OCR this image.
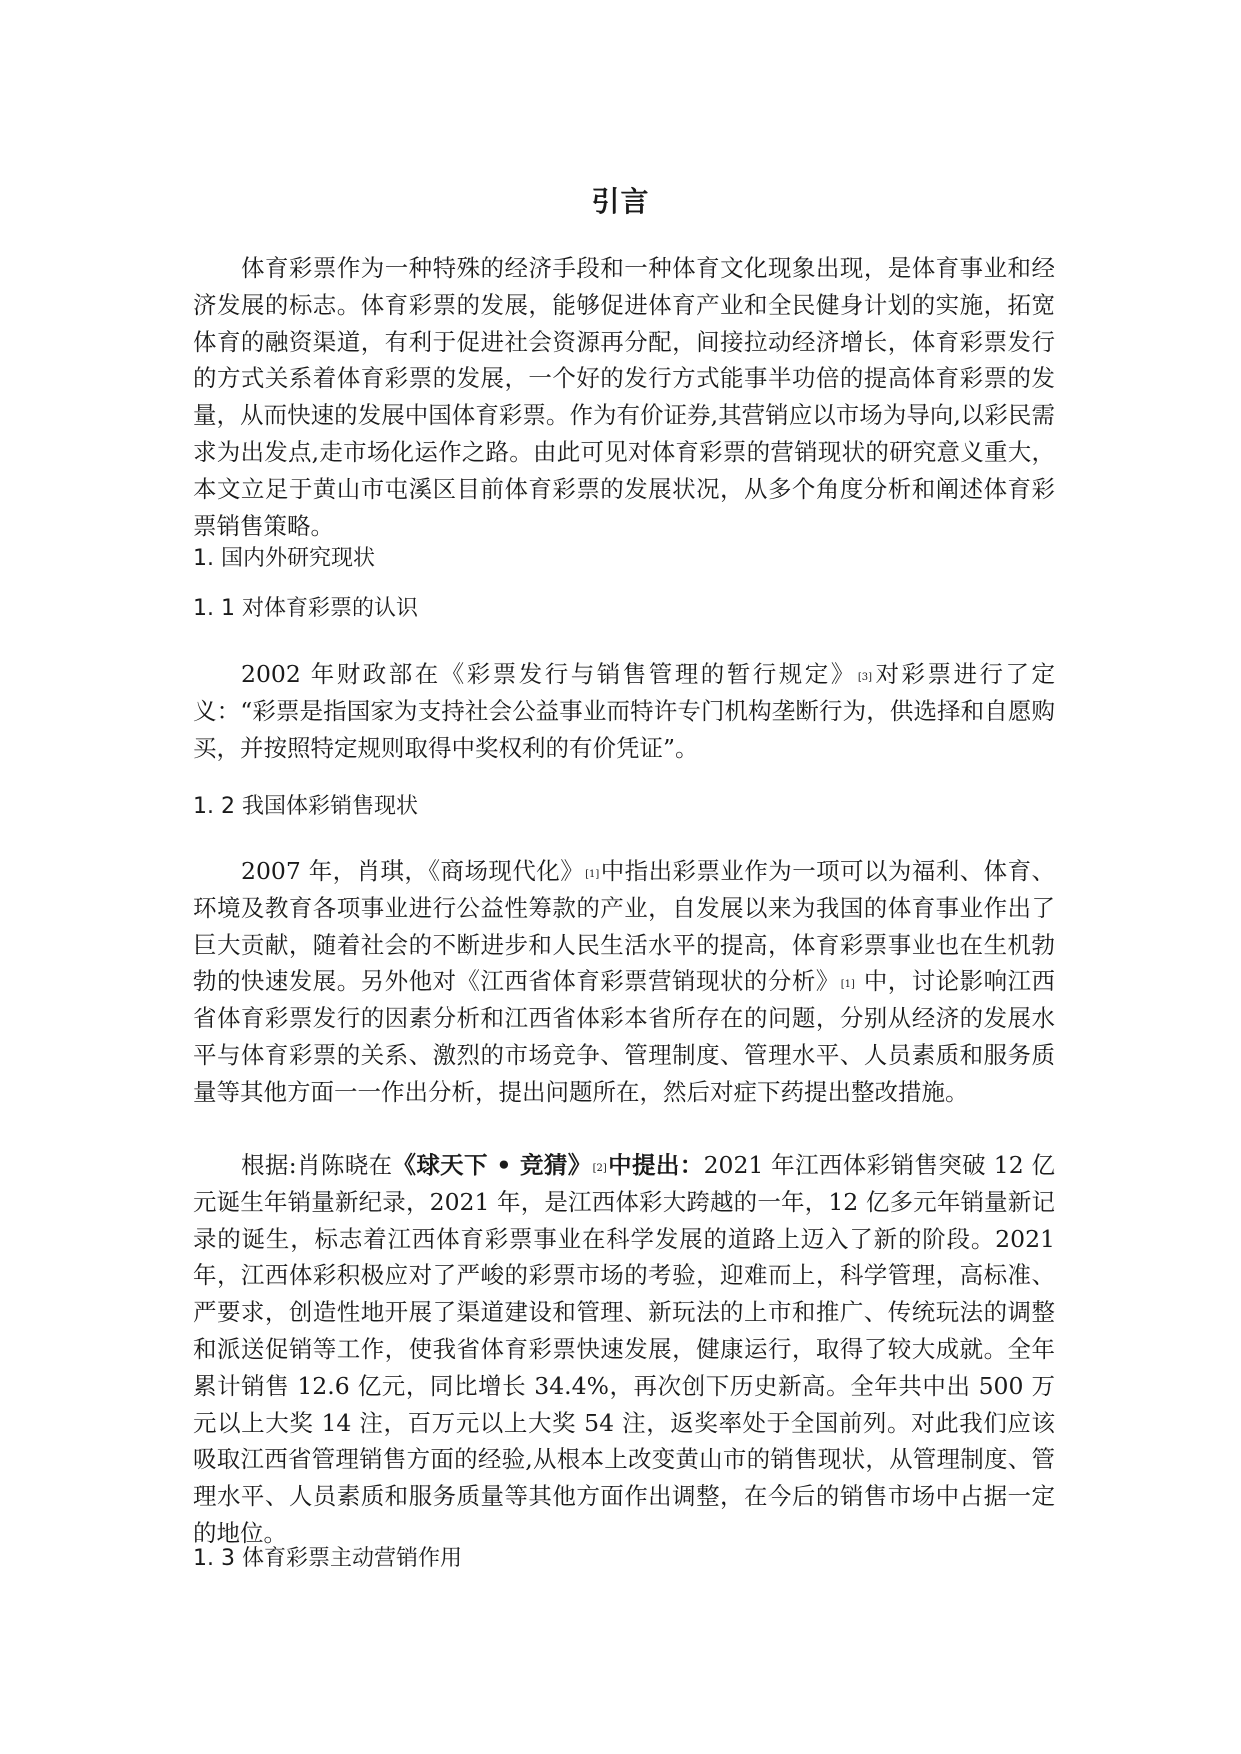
引言

体育彩票作为一种特殊的经济手段和一种体育文化现象出现，是体育事业和经济发展的标志。体育彩票的发展，能够促进体育产业和全民健身计划的实施，拓宽体育的融资渠道，有利于促进社会资源再分配，间接拉动经济增长，体育彩票发行的方式关系着体育彩票的发展，一个好的发行方式能事半功倍的提高体育彩票的发量，从而快速的发展中国体育彩票。作为有价证券,其营销应以市场为导向,以彩民需求为出发点,走市场化运作之路。由此可见对体育彩票的营销现状的研究意义重大，本文立足于黄山市屯溪区目前体育彩票的发展状况，从多个角度分析和阐述体育彩票销售策略。

1. 国内外研究现状
1. 1 对体育彩票的认识

2002 年财政部在《彩票发行与销售管理的暂行规定》[3]对彩票进行了定义：“彩票是指国家为支持社会公益事业而特许专门机构垄断行为，供选择和自愿购买，并按照特定规则取得中奖权利的有价凭证”。

1. 2 我国体彩销售现状

2007 年，肖琪，《商场现代化》[1]中指出彩票业作为一项可以为福利、体育、环境及教育各项事业进行公益性筹款的产业，自发展以来为我国的体育事业作出了巨大贡献，随着社会的不断进步和人民生活水平的提高，体育彩票事业也在生机勃勃的快速发展。另外他对《江西省体育彩票营销现状的分析》[1] 中，讨论影响江西省体育彩票发行的因素分析和江西省体彩本省所存在的问题，分别从经济的发展水平与体育彩票的关系、激烈的市场竞争、管理制度、管理水平、人员素质和服务质量等其他方面一一作出分析，提出问题所在，然后对症下药提出整改措施。

根据:肖陈晓在《球天下 • 竞猜》[2]中提出：2021 年江西体彩销售突破 12 亿元诞生年销量新纪录，2021 年，是江西体彩大跨越的一年，12 亿多元年销量新记录的诞生，标志着江西体育彩票事业在科学发展的道路上迈入了新的阶段。2021 年，江西体彩积极应对了严峻的彩票市场的考验，迎难而上，科学管理，高标准、严要求，创造性地开展了渠道建设和管理、新玩法的上市和推广、传统玩法的调整和派送促销等工作，使我省体育彩票快速发展，健康运行，取得了较大成就。全年累计销售 12.6 亿元，同比增长 34.4%，再次创下历史新高。全年共中出 500 万元以上大奖 14 注，百万元以上大奖 54 注，返奖率处于全国前列。对此我们应该吸取江西省管理销售方面的经验,从根本上改变黄山市的销售现状，从管理制度、管理水平、人员素质和服务质量等其他方面作出调整，在今后的销售市场中占据一定的地位。

1. 3 体育彩票主动营销作用
